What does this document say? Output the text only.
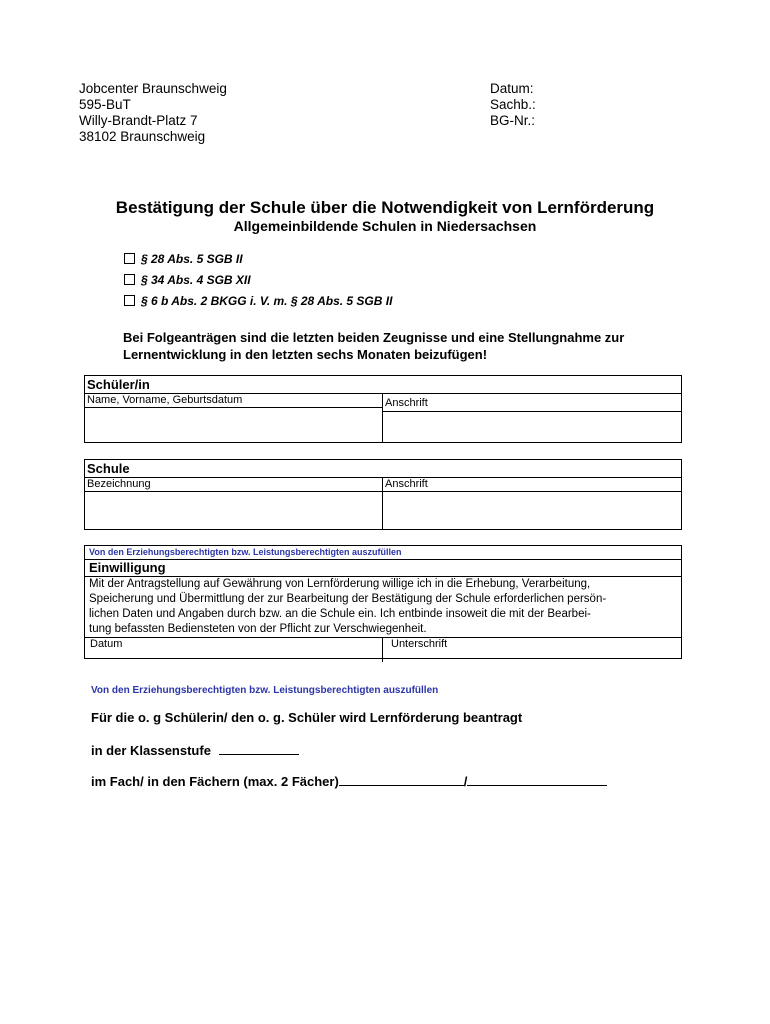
Jobcenter Braunschweig
595-BuT
Willy-Brandt-Platz 7
38102 Braunschweig
Datum:
Sachb.:
BG-Nr.:
Bestätigung der Schule über die Notwendigkeit von Lernförderung
Allgemeinbildende Schulen in Niedersachsen
§ 28 Abs. 5 SGB II
§ 34 Abs. 4 SGB XII
§ 6 b Abs. 2 BKGG i. V. m. § 28 Abs. 5 SGB II
Bei Folgeanträgen sind die letzten beiden Zeugnisse und eine Stellungnahme zur Lernentwicklung in den letzten sechs Monaten beizufügen!
Schüler/in
Name, Vorname, Geburtsdatum	Anschrift
Schule
Bezeichnung	Anschrift
Von den Erziehungsberechtigten bzw. Leistungsberechtigten auszufüllen
Einwilligung
Mit der Antragstellung auf Gewährung von Lernförderung willige ich in die Erhebung, Verarbeitung,
Speicherung und Übermittlung der zur Bearbeitung der Bestätigung der Schule erforderlichen persön-
lichen Daten und Angaben durch bzw. an die Schule ein. Ich entbinde insoweit die mit der Bearbei-
tung befassten Bediensteten von der Pflicht zur Verschwiegenheit.
Datum	Unterschrift
Von den Erziehungsberechtigten bzw. Leistungsberechtigten auszufüllen
Für die o. g Schülerin/ den o. g. Schüler wird Lernförderung beantragt
in der Klassenstufe
im Fach/ in den Fächern (max. 2 Fächer)	/
